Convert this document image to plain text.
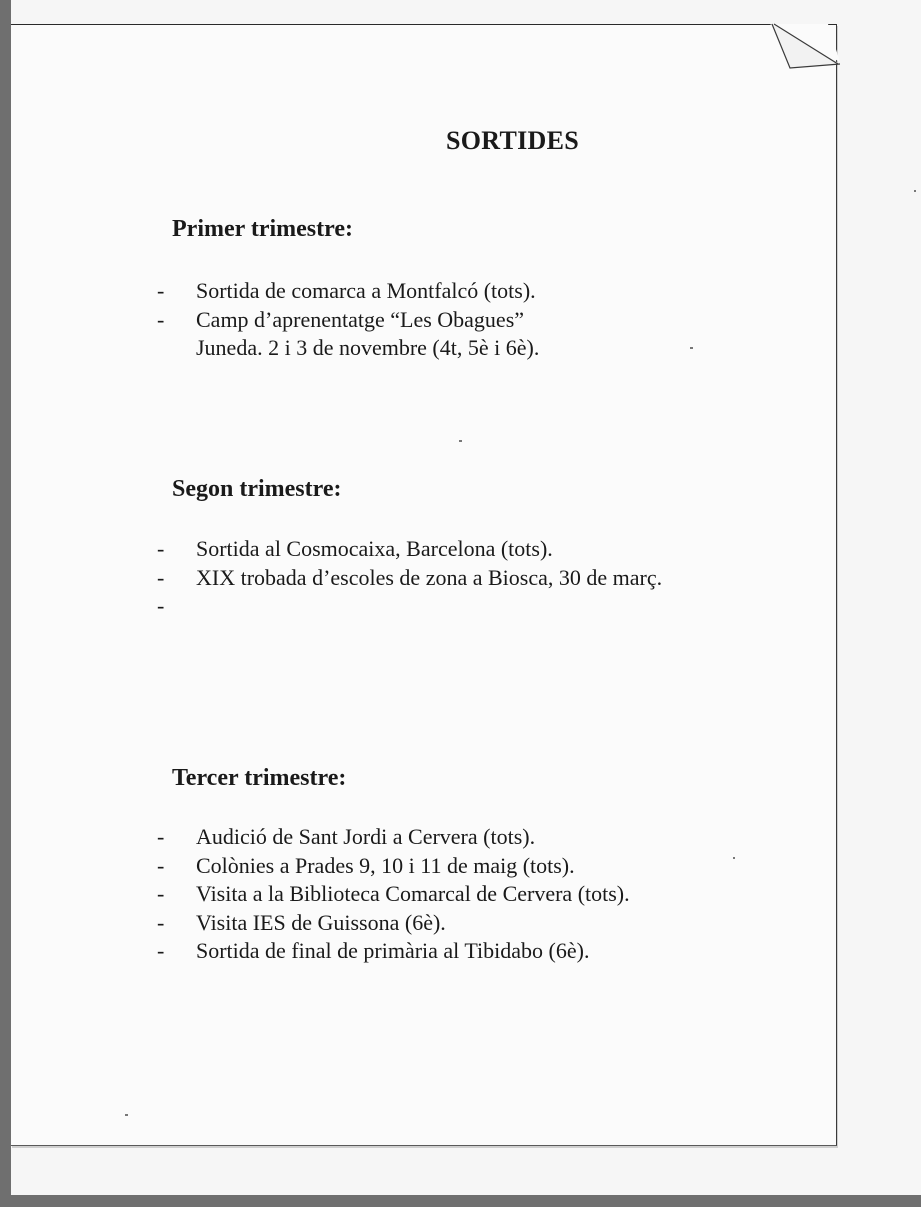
SORTIDES
Primer trimestre:
- Sortida de comarca a Montfalcó (tots).
- Camp d’aprenentatge “Les Obagues” Juneda. 2 i 3 de novembre (4t, 5è i 6è).
Segon trimestre:
- Sortida al Cosmocaixa, Barcelona (tots).
- XIX trobada d’escoles de zona a Biosca, 30 de març.
-
Tercer trimestre:
- Audició de Sant Jordi a Cervera (tots).
- Colònies a Prades 9, 10 i 11 de maig (tots).
- Visita a la Biblioteca Comarcal de Cervera (tots).
- Visita IES de Guissona (6è).
- Sortida de final de primària al Tibidabo (6è).
